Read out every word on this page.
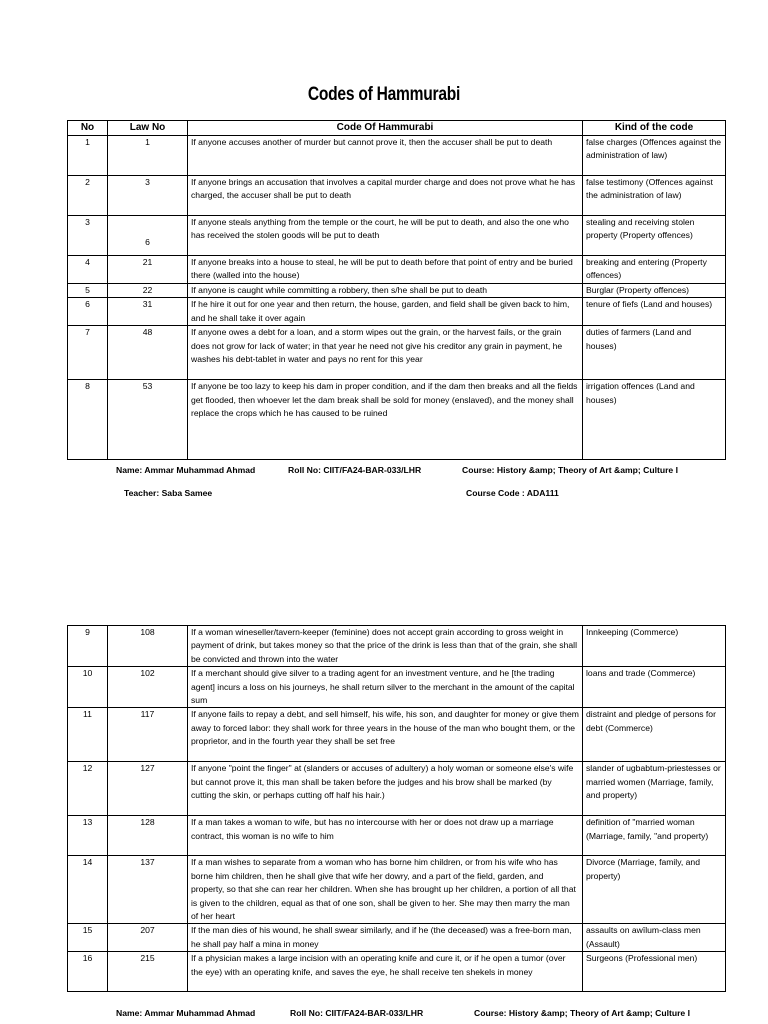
Codes of Hammurabi
No	Law No	Code Of Hammurabi	Kind of the code
1	1	If anyone accuses another of murder but cannot prove it, then the accuser shall be put to death	false charges (Offences against the administration of law)
2	3	If anyone brings an accusation that involves a capital murder charge and does not prove what he has charged, the accuser shall be put to death	false testimony (Offences against the administration of law)
3	6	If anyone steals anything from the temple or the court, he will be put to death, and also the one who has received the stolen goods will be put to death	stealing and receiving stolen property (Property offences)
4	21	If anyone breaks into a house to steal, he will be put to death before that point of entry and be buried there (walled into the house)	breaking and entering (Property offences)
5	22	If anyone is caught while committing a robbery, then s/he shall be put to death	Burglar (Property offences)
6	31	If he hire it out for one year and then return, the house, garden, and field shall be given back to him, and he shall take it over again	tenure of fiefs (Land and houses)
7	48	If anyone owes a debt for a loan, and a storm wipes out the grain, or the harvest fails, or the grain does not grow for lack of water; in that year he need not give his creditor any grain in payment, he washes his debt-tablet in water and pays no rent for this year	duties of farmers (Land and houses)
8	53	If anyone be too lazy to keep his dam in proper condition, and if the dam then breaks and all the fields get flooded, then whoever let the dam break shall be sold for money (enslaved), and the money shall replace the crops which he has caused to be ruined	irrigation offences (Land and houses)
Name: Ammar Muhammad Ahmad	Roll No: CIIT/FA24-BAR-033/LHR	Course: History &amp; Theory of Art &amp; Culture I
Teacher: Saba Samee	Course Code : ADA111
9	108	If a woman wineseller/tavern-keeper (feminine) does not accept grain according to gross weight in payment of drink, but takes money so that the price of the drink is less than that of the grain, she shall be convicted and thrown into the water	Innkeeping (Commerce)
10	102	If a merchant should give silver to a trading agent for an investment venture, and he [the trading agent] incurs a loss on his journeys, he shall return silver to the merchant in the amount of the capital sum	loans and trade (Commerce)
11	117	If anyone fails to repay a debt, and sell himself, his wife, his son, and daughter for money or give them away to forced labor: they shall work for three years in the house of the man who bought them, or the proprietor, and in the fourth year they shall be set free	distraint and pledge of persons for debt (Commerce)
12	127	If anyone "point the finger" at (slanders or accuses of adultery) a holy woman or someone else's wife but cannot prove it, this man shall be taken before the judges and his brow shall be marked (by cutting the skin, or perhaps cutting off half his hair.)	slander of ugbabtum-priestesses or married women (Marriage, family, and property)
13	128	If a man takes a woman to wife, but has no intercourse with her or does not draw up a marriage contract, this woman is no wife to him	definition of "married woman (Marriage, family, "and property)
14	137	If a man wishes to separate from a woman who has borne him children, or from his wife who has borne him children, then he shall give that wife her dowry, and a part of the field, garden, and property, so that she can rear her children. When she has brought up her children, a portion of all that is given to the children, equal as that of one son, shall be given to her. She may then marry the man of her heart	Divorce (Marriage, family, and property)
15	207	If the man dies of his wound, he shall swear similarly, and if he (the deceased) was a free-born man, he shall pay half a mina in money	assaults on awīlum-class men (Assault)
16	215	If a physician makes a large incision with an operating knife and cure it, or if he open a tumor (over the eye) with an operating knife, and saves the eye, he shall receive ten shekels in money	Surgeons (Professional men)
Name: Ammar Muhammad Ahmad	Roll No: CIIT/FA24-BAR-033/LHR	Course: History &amp; Theory of Art &amp; Culture I
